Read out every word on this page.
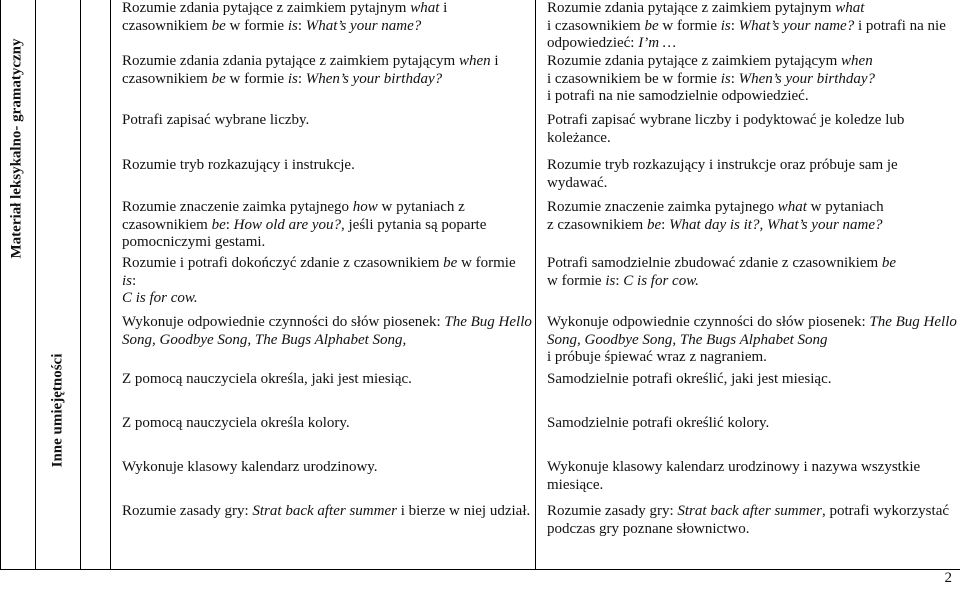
Materiał leksykalno- gramatyczny
Inne umiejętności

Rozumie zdania pytające z zaimkiem pytajnym what i czasownikiem be w formie is: What’s your name?

Rozumie zdania zdania pytające z zaimkiem pytającym when i czasownikiem be w formie is: When’s your birthday?

Potrafi zapisać wybrane liczby.

Rozumie tryb rozkazujący i instrukcje.

Rozumie znaczenie zaimka pytajnego how w pytaniach z czasownikiem be: How old are you?, jeśli pytania są poparte pomocniczymi gestami.

Rozumie i potrafi dokończyć zdanie z czasownikiem be w formie is:
C is for cow.

Wykonuje odpowiednie czynności do słów piosenek: The Bug Hello Song, Goodbye Song, The Bugs Alphabet Song,

Z pomocą nauczyciela określa, jaki jest miesiąc.

Z pomocą nauczyciela określa kolory.

Wykonuje klasowy kalendarz urodzinowy.

Rozumie zasady gry: Strat back after summer i bierze w niej udział.

Rozumie zdania pytające z zaimkiem pytajnym what
i czasownikiem be w formie is: What’s your name? i potrafi na nie odpowiedzieć: I’m …

Rozumie zdania pytające z zaimkiem pytającym when
i czasownikiem be w formie is: When’s your birthday?
i potrafi na nie samodzielnie odpowiedzieć.

Potrafi zapisać wybrane liczby i podyktować je koledze lub koleżance.

Rozumie tryb rozkazujący i instrukcje oraz próbuje sam je wydawać.

Rozumie znaczenie zaimka pytajnego what w pytaniach
z czasownikiem be: What day is it?, What’s your name?

Potrafi samodzielnie zbudować zdanie z czasownikiem be
w formie is: C is for cow.

Wykonuje odpowiednie czynności do słów piosenek: The Bug Hello Song, Goodbye Song, The Bugs Alphabet Song
i próbuje śpiewać wraz z nagraniem.

Samodzielnie potrafi określić, jaki jest miesiąc.

Samodzielnie potrafi określić kolory.

Wykonuje klasowy kalendarz urodzinowy i nazywa wszystkie miesiące.

Rozumie zasady gry: Strat back after summer, potrafi wykorzystać podczas gry poznane słownictwo.

2
